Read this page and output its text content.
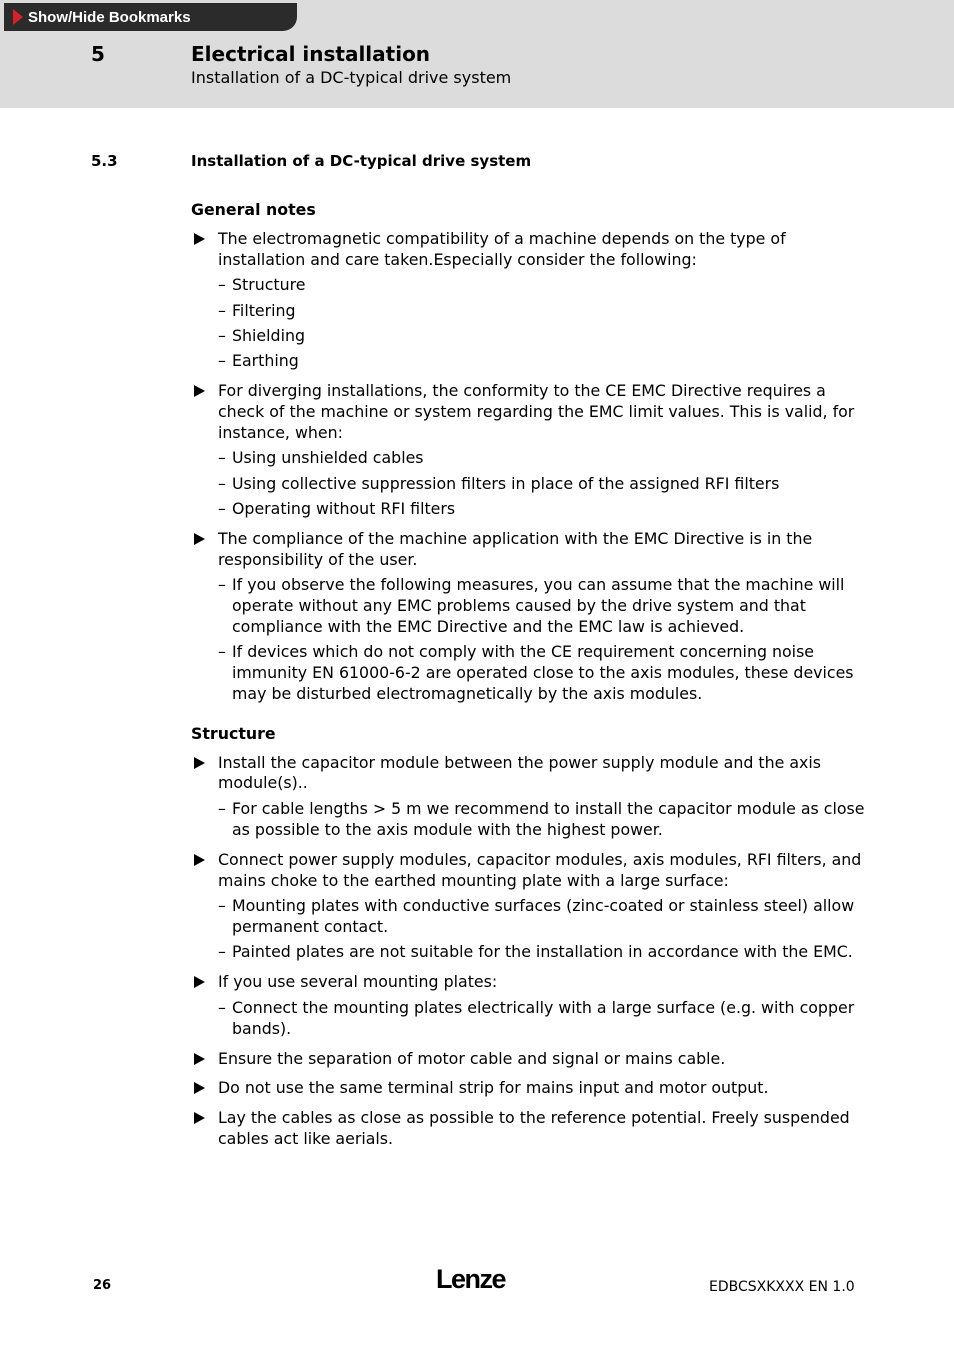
Show/Hide Bookmarks
5	Electrical installation
Installation of a DC-typical drive system
5.3	Installation of a DC-typical drive system
General notes
The electromagnetic compatibility of a machine depends on the type of installation and care taken.Especially consider the following:
– Structure
– Filtering
– Shielding
– Earthing
For diverging installations, the conformity to the CE EMC Directive requires a check of the machine or system regarding the EMC limit values. This is valid, for instance, when:
– Using unshielded cables
– Using collective suppression filters in place of the assigned RFI filters
– Operating without RFI filters
The compliance of the machine application with the EMC Directive is in the responsibility of the user.
– If you observe the following measures, you can assume that the machine will operate without any EMC problems caused by the drive system and that compliance with the EMC Directive and the EMC law is achieved.
– If devices which do not comply with the CE requirement concerning noise immunity EN 61000-6-2 are operated close to the axis modules, these devices may be disturbed electromagnetically by the axis modules.
Structure
Install the capacitor module between the power supply module and the axis module(s)..
– For cable lengths > 5 m we recommend to install the capacitor module as close as possible to the axis module with the highest power.
Connect power supply modules, capacitor modules, axis modules, RFI filters, and mains choke to the earthed mounting plate with a large surface:
– Mounting plates with conductive surfaces (zinc-coated or stainless steel) allow permanent contact.
– Painted plates are not suitable for the installation in accordance with the EMC.
If you use several mounting plates:
– Connect the mounting plates electrically with a large surface (e.g. with copper bands).
Ensure the separation of motor cable and signal or mains cable.
Do not use the same terminal strip for mains input and motor output.
Lay the cables as close as possible to the reference potential. Freely suspended cables act like aerials.
26	Lenze	EDBCSXKXXX EN 1.0
